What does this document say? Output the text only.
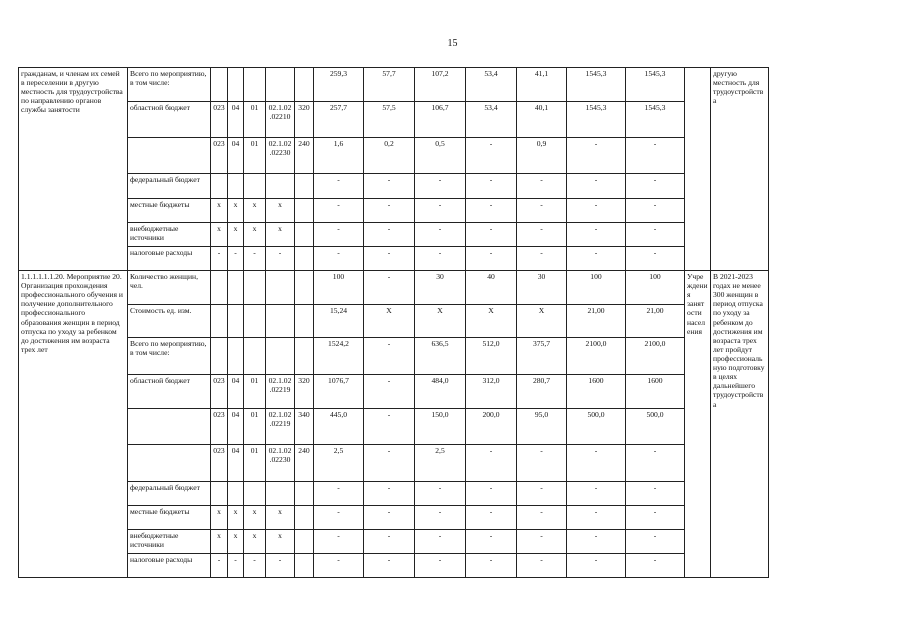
15
гражданам, и членам их семей в переселении в другую местность для трудоустройства по направлению органов службы занятости	Всего по мероприятию, в том числе:						259,3	57,7	107,2	53,4	41,1	1545,3	1545,3		другую местность для трудоустройства
	областной бюджет	023	04	01	02.1.02.02210	320	257,7	57,5	106,7	53,4	40,1	1545,3	1545,3		
		023	04	01	02.1.02.02230	240	1,6	0,2	0,5	-	0,9	-	-		
	федеральный бюджет						-	-	-	-	-	-	-		
	местные бюджеты	х	х	х	х		-	-	-	-	-	-	-		
	внебюджетные источники	х	х	х	х		-	-	-	-	-	-	-		
	налоговые расходы	-	-	-	-		-	-	-	-	-	-	-		
1.1.1.1.1.1.20. Мероприятие 20. Организация прохождения профессионального обучения и получение дополнительного профессионального образования женщин в период отпуска по уходу за ребенком до достижения им возраста трех лет	Количество женщин, чел.						100	-	30	40	30	100	100	Учреждения занятости населения	В 2021-2023 годах не менее 300 женщин в период отпуска по уходу за ребенком до достижения им возраста трех лет пройдут профессиональную подготовку в целях дальнейшего трудоустройства
	Стоимость ед. изм.						15,24	Х	Х	Х	Х	21,00	21,00		
	Всего по мероприятию, в том числе:						1524,2	-	636,5	512,0	375,7	2100,0	2100,0		
	областной бюджет	023	04	01	02.1.02.02219	320	1076,7	-	484,0	312,0	280,7	1600	1600		
		023	04	01	02.1.02.02219	340	445,0	-	150,0	200,0	95,0	500,0	500,0		
		023	04	01	02.1.02.02230	240	2,5	-	2,5	-	-	-	-		
	федеральный бюджет						-	-	-	-	-	-	-		
	местные бюджеты	х	х	х	х		-	-	-	-	-	-	-		
	внебюджетные источники	х	х	х	х		-	-	-	-	-	-	-		
	налоговые расходы	-	-	-	-		-	-	-	-	-	-	-		
